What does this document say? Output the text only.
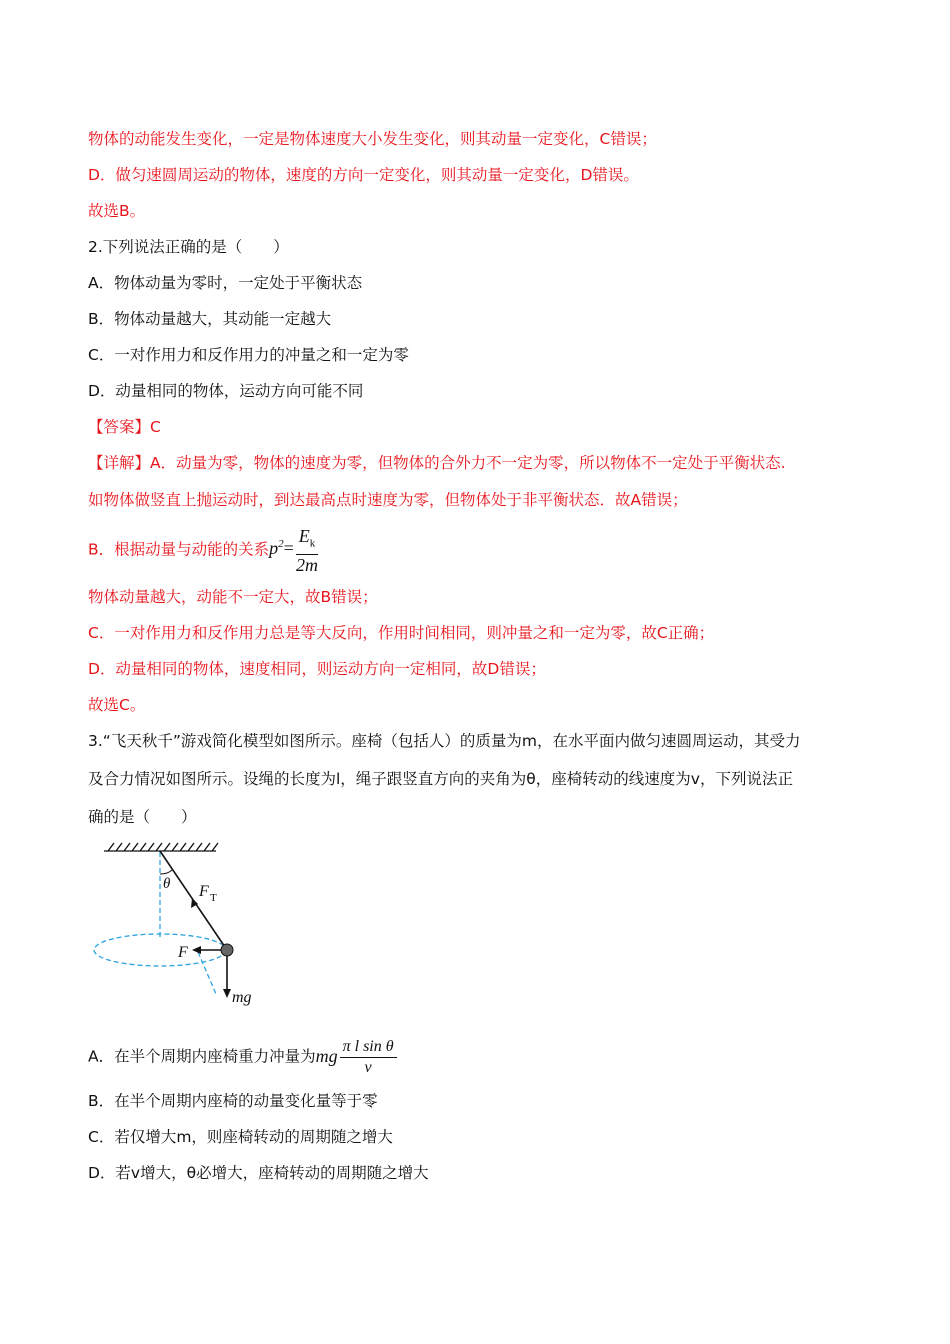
物体的动能发生变化，一定是物体速度大小发生变化，则其动量一定变化，C错误；
D．做匀速圆周运动的物体，速度的方向一定变化，则其动量一定变化，D错误。
故选B。
2.下列说法正确的是（　　）
A．物体动量为零时，一定处于平衡状态
B．物体动量越大，其动能一定越大
C．一对作用力和反作用力的冲量之和一定为零
D．动量相同的物体，运动方向可能不同
【答案】C
【详解】A．动量为零，物体的速度为零，但物体的合外力不一定为零，所以物体不一定处于平衡状态.
如物体做竖直上抛运动时，到达最高点时速度为零，但物体处于非平衡状态．故A错误；
B．根据动量与动能的关系$p^2= \frac{E_k}{2m}$
物体动量越大，动能不一定大，故B错误；
C．一对作用力和反作用力总是等大反向，作用时间相同，则冲量之和一定为零，故C正确；
D．动量相同的物体，速度相同，则运动方向一定相同，故D错误；
故选C。
3.“飞天秋千”游戏简化模型如图所示。座椅（包括人）的质量为m，在水平面内做匀速圆周运动，其受力
及合力情况如图所示。设绳的长度为l，绳子跟竖直方向的夹角为θ，座椅转动的线速度为v，下列说法正
确的是（　　）
θ F T
F
mg
A．在半个周期内座椅重力冲量为mg $\frac{\text{π l sin θ}}{v}$
B．在半个周期内座椅的动量变化量等于零
C．若仅增大m，则座椅转动的周期随之增大
D．若v增大，θ必增大，座椅转动的周期随之增大
